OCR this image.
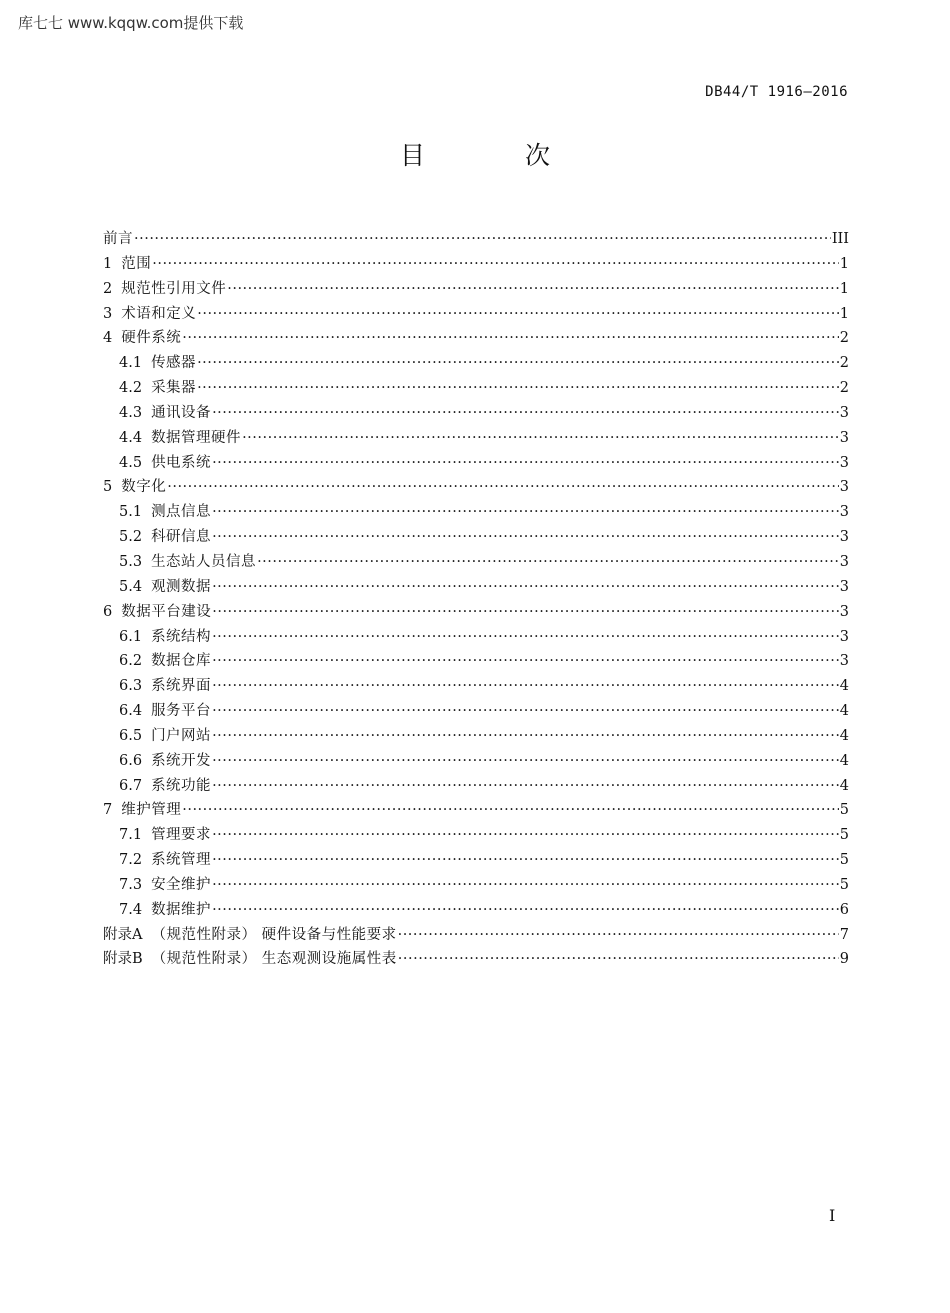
库七七 www.kqqw.com提供下载
DB44/T 1916—2016
目 次
前言 ·····	III
1 范围 ·····	1
2 规范性引用文件 ·····	1
3 术语和定义 ·····	1
4 硬件系统 ·····	2
4.1 传感器 ·····	2
4.2 采集器 ·····	2
4.3 通讯设备 ·····	3
4.4 数据管理硬件 ·····	3
4.5 供电系统 ·····	3
5 数字化 ·····	3
5.1 测点信息 ·····	3
5.2 科研信息 ·····	3
5.3 生态站人员信息 ·····	3
5.4 观测数据 ·····	3
6 数据平台建设 ·····	3
6.1 系统结构 ·····	3
6.2 数据仓库 ·····	3
6.3 系统界面 ·····	4
6.4 服务平台 ·····	4
6.5 门户网站 ·····	4
6.6 系统开发 ·····	4
6.7 系统功能 ·····	4
7 维护管理 ·····	5
7.1 管理要求 ·····	5
7.2 系统管理 ·····	5
7.3 安全维护 ·····	5
7.4 数据维护 ·····	6
附录A （规范性附录） 硬件设备与性能要求 ·····	7
附录B （规范性附录） 生态观测设施属性表 ·····	9
I
